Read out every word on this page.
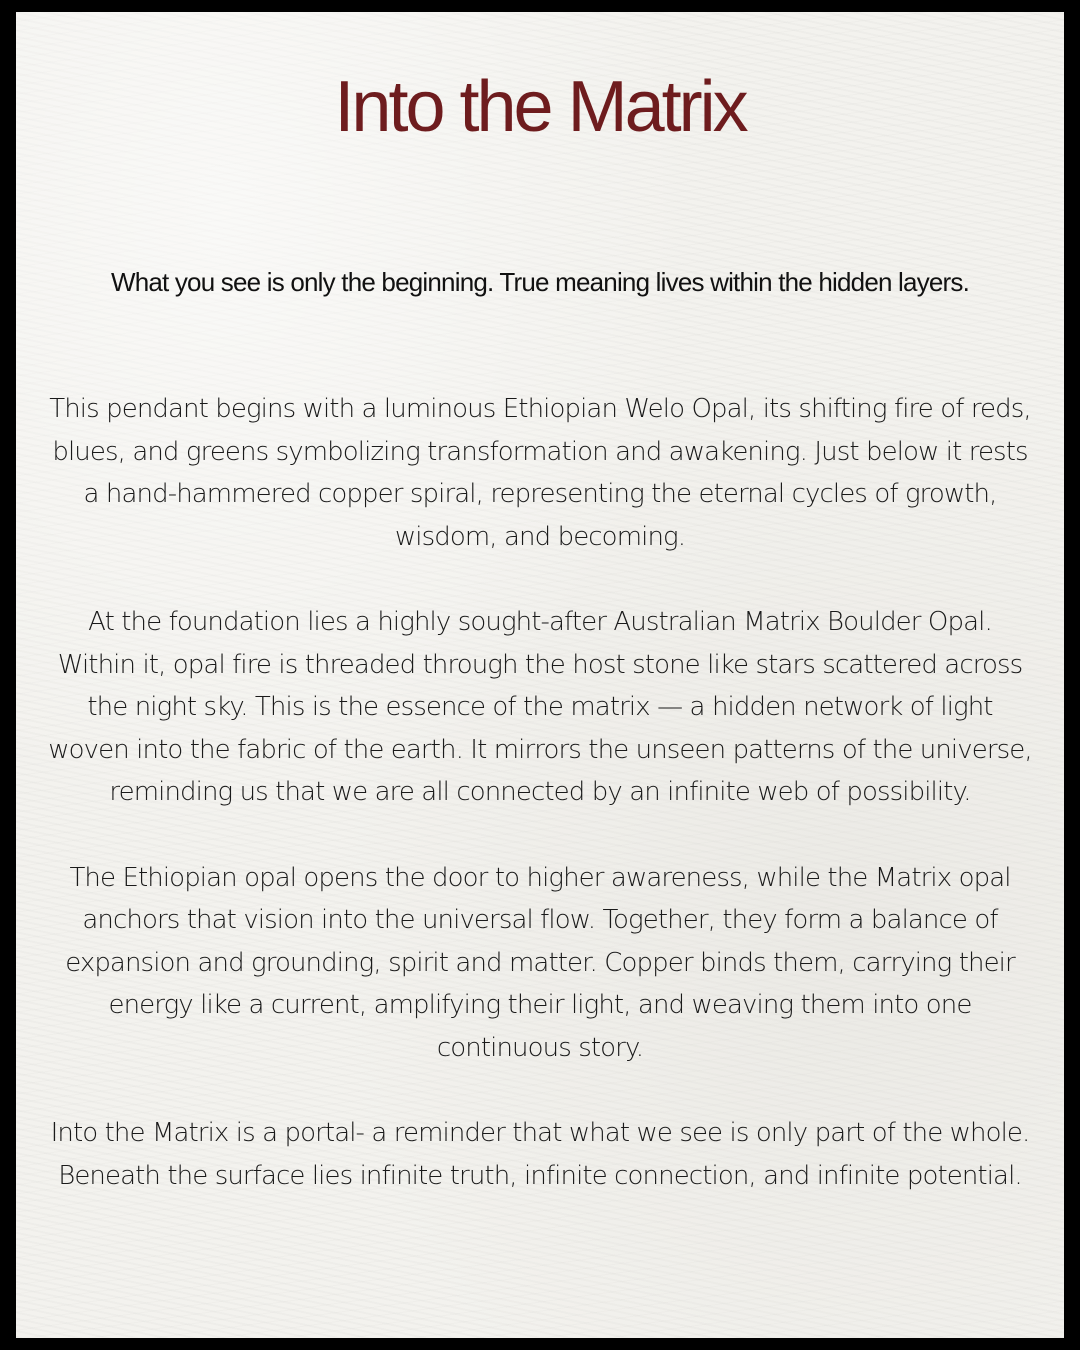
Into the Matrix
What you see is only the beginning. True meaning lives within the hidden layers.

This pendant begins with a luminous Ethiopian Welo Opal, its shifting fire of reds, blues, and greens symbolizing transformation and awakening. Just below it rests a hand-hammered copper spiral, representing the eternal cycles of growth, wisdom, and becoming.

At the foundation lies a highly sought-after Australian Matrix Boulder Opal. Within it, opal fire is threaded through the host stone like stars scattered across the night sky. This is the essence of the matrix — a hidden network of light woven into the fabric of the earth. It mirrors the unseen patterns of the universe, reminding us that we are all connected by an infinite web of possibility.

The Ethiopian opal opens the door to higher awareness, while the Matrix opal anchors that vision into the universal flow. Together, they form a balance of expansion and grounding, spirit and matter. Copper binds them, carrying their energy like a current, amplifying their light, and weaving them into one continuous story.

Into the Matrix is a portal- a reminder that what we see is only part of the whole. Beneath the surface lies infinite truth, infinite connection, and infinite potential.
